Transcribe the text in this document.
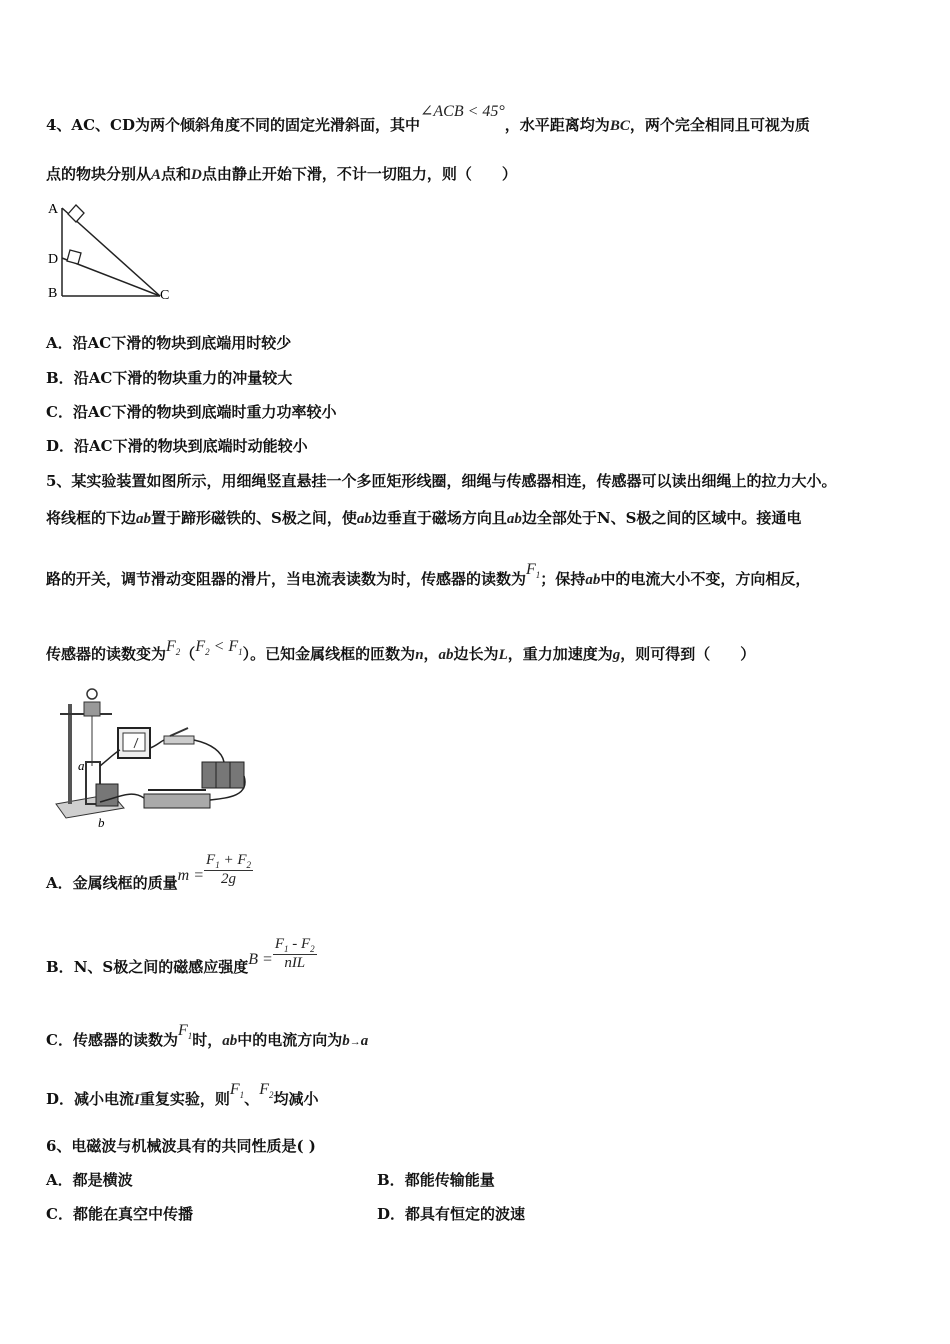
4、AC、CD为两个倾斜角度不同的固定光滑斜面，其中∠ACB < 45°，水平距离均为BC，两个完全相同且可视为质
点的物块分别从A点和D点由静止开始下滑，不计一切阻力，则（　　）
A
D
B	C
A．沿AC下滑的物块到底端用时较少
B．沿AC下滑的物块重力的冲量较大
C．沿AC下滑的物块到底端时重力功率较小
D．沿AC下滑的物块到底端时动能较小
5、某实验装置如图所示，用细绳竖直悬挂一个多匝矩形线圈，细绳与传感器相连，传感器可以读出细绳上的拉力大小。
将线框的下边ab置于蹄形磁铁的、S极之间，使ab边垂直于磁场方向且ab边全部处于N、S极之间的区域中。接通电
路的开关，调节滑动变阻器的滑片，当电流表读数为时，传感器的读数为$F_1$；保持ab中的电流大小不变，方向相反，
传感器的读数变为$F_2(F_2 < F_1)$。已知金属线框的匝数为n，ab边长为L，重力加速度为g，则可得到（　　）
a
b
A．金属线框的质量$m = \frac{F_1 + F_2}{2g}$
B．N、S极之间的磁感应强度$B = \frac{F_1 - F_2}{\text{nIL}}$
C．传感器的读数为$F_1$时，ab中的电流方向为b→a
D．减小电流I重复实验，则$F_1$、$F_2$均减小
6、电磁波与机械波具有的共同性质是( )
A．都是横波	B．都能传输能量
C．都能在真空中传播	D．都具有恒定的波速
